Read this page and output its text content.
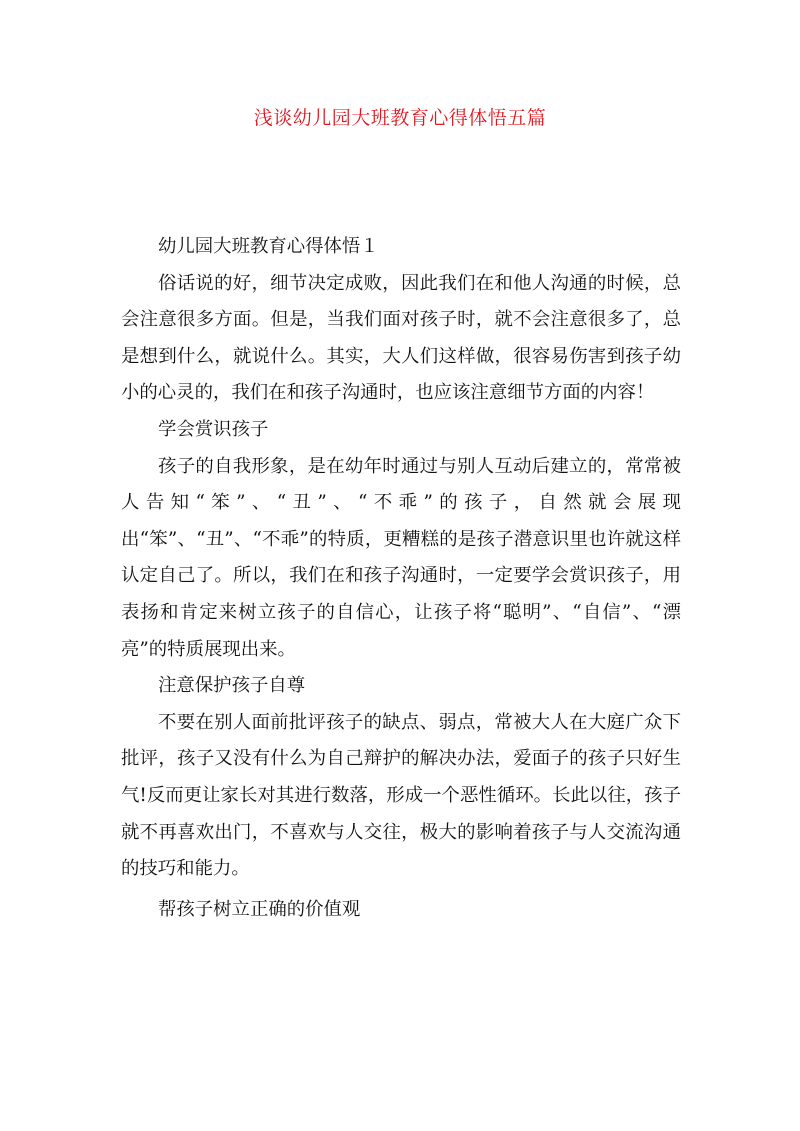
浅谈幼儿园大班教育心得体悟五篇

幼儿园大班教育心得体悟１

俗话说的好，细节决定成败，因此我们在和他人沟通的时候，总会注意很多方面。但是，当我们面对孩子时，就不会注意很多了，总是想到什么，就说什么。其实，大人们这样做，很容易伤害到孩子幼小的心灵的，我们在和孩子沟通时，也应该注意细节方面的内容！

学会赏识孩子

孩子的自我形象，是在幼年时通过与别人互动后建立的，常常被人告知“笨”、“丑”、“不乖”的孩子，自然就会展现出“笨”、“丑”、“不乖”的特质，更糟糕的是孩子潜意识里也许就这样认定自己了。所以，我们在和孩子沟通时，一定要学会赏识孩子，用表扬和肯定来树立孩子的自信心，让孩子将“聪明”、“自信”、“漂亮”的特质展现出来。

注意保护孩子自尊

不要在别人面前批评孩子的缺点、弱点，常被大人在大庭广众下批评，孩子又没有什么为自己辩护的解决办法，爱面子的孩子只好生气!反而更让家长对其进行数落，形成一个恶性循环。长此以往，孩子就不再喜欢出门，不喜欢与人交往，极大的影响着孩子与人交流沟通的技巧和能力。

帮孩子树立正确的价值观
